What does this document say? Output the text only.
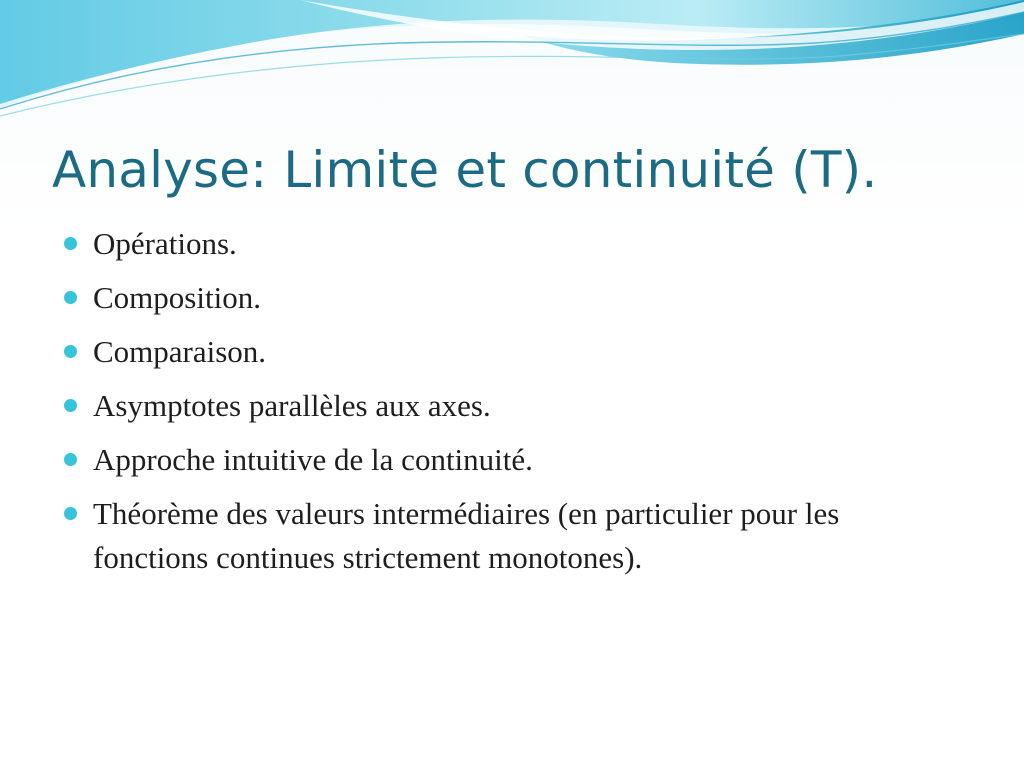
Analyse: Limite et continuité (T).
Opérations.
Composition.
Comparaison.
Asymptotes parallèles aux axes.
Approche intuitive de la continuité.
Théorème des valeurs intermédiaires (en particulier pour les fonctions continues strictement monotones).
